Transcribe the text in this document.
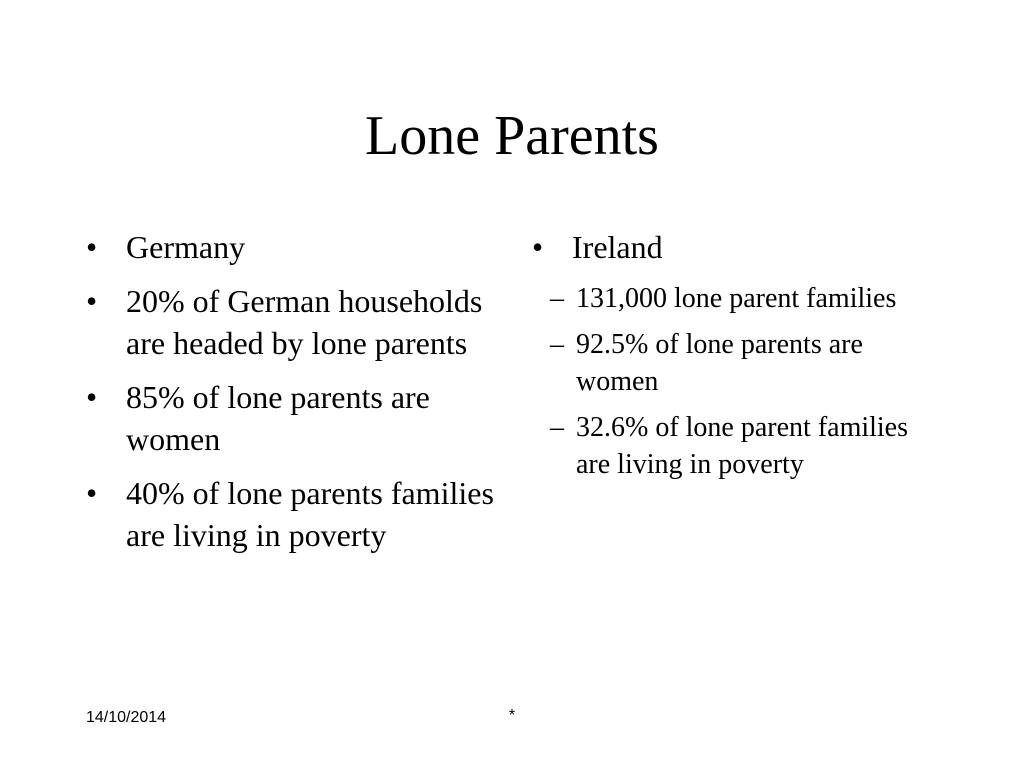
Lone Parents
• Germany
• 20% of German households are headed by lone parents
• 85% of lone parents are women
• 40% of lone parents families are living in poverty
• Ireland
– 131,000 lone parent families
– 92.5% of lone parents are women
– 32.6% of lone parent families are living in poverty
14/10/2014	*
